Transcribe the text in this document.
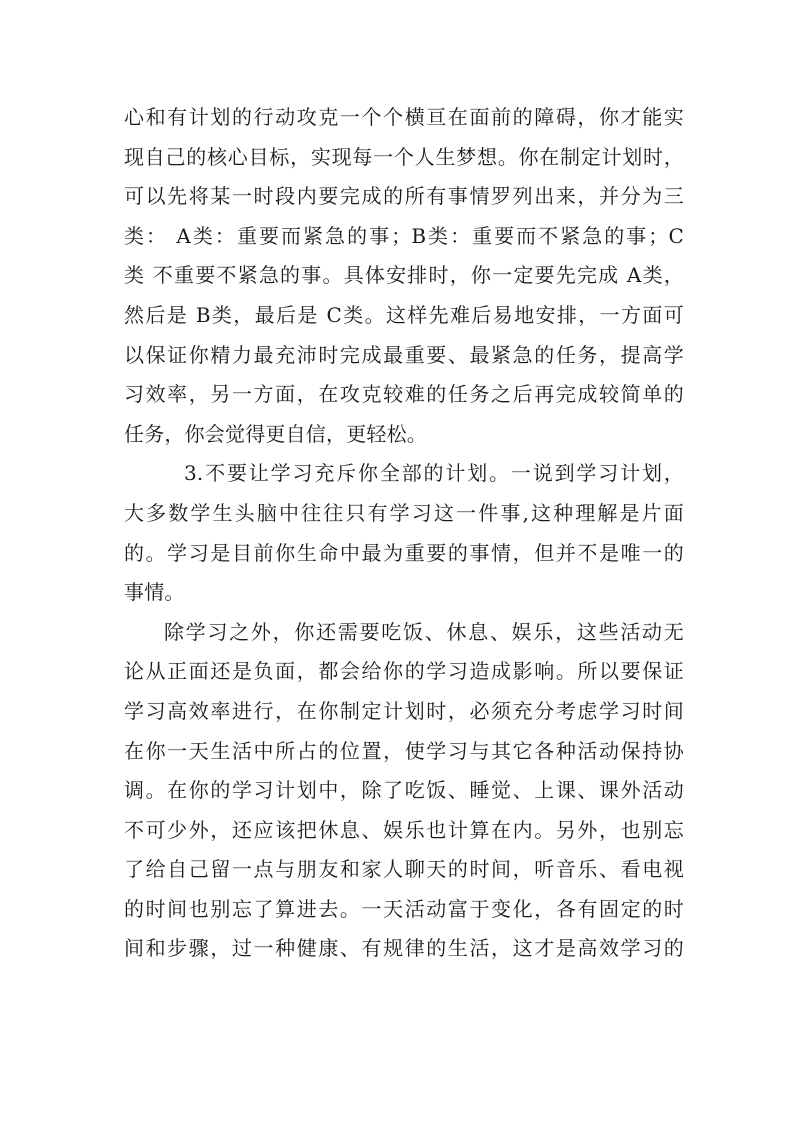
心和有计划的行动攻克一个个横亘在面前的障碍，你才能实
现自己的核心目标，实现每一个人生梦想。你在制定计划时，
可以先将某一时段内要完成的所有事情罗列出来，并分为三
类： A类：重要而紧急的事；B类：重要而不紧急的事；C
类 不重要不紧急的事。具体安排时，你一定要先完成 A类，
然后是 B类，最后是 C类。这样先难后易地安排，一方面可
以保证你精力最充沛时完成最重要、最紧急的任务，提高学
习效率，另一方面，在攻克较难的任务之后再完成较简单的
任务，你会觉得更自信，更轻松。
3.不要让学习充斥你全部的计划。一说到学习计划，
大多数学生头脑中往往只有学习这一件事,这种理解是片面
的。学习是目前你生命中最为重要的事情，但并不是唯一的
事情。
除学习之外，你还需要吃饭、休息、娱乐，这些活动无
论从正面还是负面，都会给你的学习造成影响。所以要保证
学习高效率进行，在你制定计划时，必须充分考虑学习时间
在你一天生活中所占的位置，使学习与其它各种活动保持协
调。在你的学习计划中，除了吃饭、睡觉、上课、课外活动
不可少外，还应该把休息、娱乐也计算在内。另外，也别忘
了给自己留一点与朋友和家人聊天的时间，听音乐、看电视
的时间也别忘了算进去。一天活动富于变化，各有固定的时
间和步骤，过一种健康、有规律的生活，这才是高效学习的
